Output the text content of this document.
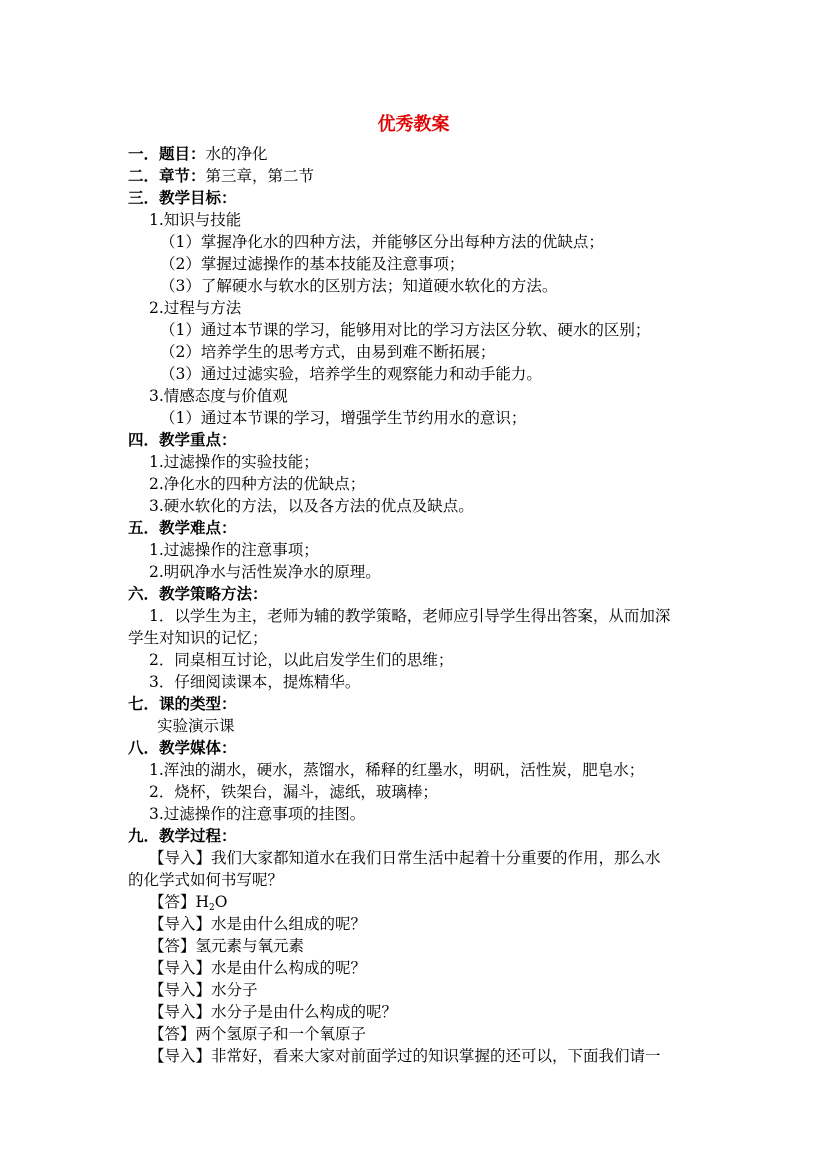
优秀教案
一．题目：水的净化
二．章节：第三章，第二节
三．教学目标：
1.知识与技能
（1）掌握净化水的四种方法，并能够区分出每种方法的优缺点；
（2）掌握过滤操作的基本技能及注意事项；
（3）了解硬水与软水的区别方法；知道硬水软化的方法。
2.过程与方法
（1）通过本节课的学习，能够用对比的学习方法区分软、硬水的区别；
（2）培养学生的思考方式，由易到难不断拓展；
（3）通过过滤实验，培养学生的观察能力和动手能力。
3.情感态度与价值观
（1）通过本节课的学习，增强学生节约用水的意识；
四．教学重点：
1.过滤操作的实验技能；
2.净化水的四种方法的优缺点；
3.硬水软化的方法，以及各方法的优点及缺点。
五．教学难点：
1.过滤操作的注意事项；
2.明矾净水与活性炭净水的原理。
六．教学策略方法：
1．以学生为主，老师为辅的教学策略，老师应引导学生得出答案，从而加深
学生对知识的记忆；
2．同桌相互讨论，以此启发学生们的思维；
3．仔细阅读课本，提炼精华。
七．课的类型：
实验演示课
八．教学媒体：
1.浑浊的湖水，硬水，蒸馏水，稀释的红墨水，明矾，活性炭，肥皂水；
2．烧杯，铁架台，漏斗，滤纸，玻璃棒；
3.过滤操作的注意事项的挂图。
九．教学过程：
【导入】我们大家都知道水在我们日常生活中起着十分重要的作用，那么水
的化学式如何书写呢？
【答】$H_2O$
【导入】水是由什么组成的呢？
【答】氢元素与氧元素
【导入】水是由什么构成的呢？
【导入】水分子
【导入】水分子是由什么构成的呢？
【答】两个氢原子和一个氧原子
【导入】非常好，看来大家对前面学过的知识掌握的还可以，下面我们请一
